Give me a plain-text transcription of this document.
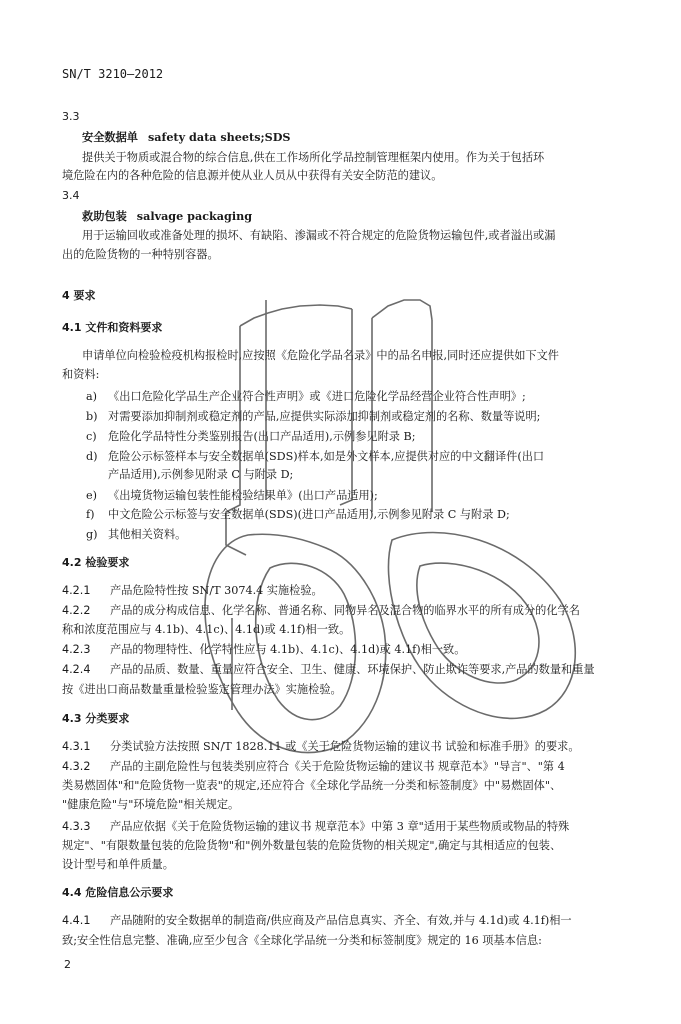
SN/T 3210—2012
3.3
安全数据单 safety data sheets;SDS
提供关于物质或混合物的综合信息,供在工作场所化学品控制管理框架内使用。作为关于包括环
境危险在内的各种危险的信息源并使从业人员从中获得有关安全防范的建议。
3.4
救助包装 salvage packaging
用于运输回收或准备处理的损坏、有缺陷、渗漏或不符合规定的危险货物运输包件,或者溢出或漏
出的危险货物的一种特别容器。
4 要求
4.1 文件和资料要求
申请单位向检验检疫机构报检时,应按照《危险化学品名录》中的品名申报,同时还应提供如下文件
和资料:
a) 《出口危险化学品生产企业符合性声明》或《进口危险化学品经营企业符合性声明》;
b) 对需要添加抑制剂或稳定剂的产品,应提供实际添加抑制剂或稳定剂的名称、数量等说明;
c) 危险化学品特性分类鉴别报告(出口产品适用),示例参见附录 B;
d) 危险公示标签样本与安全数据单(SDS)样本,如是外文样本,应提供对应的中文翻译件(出口
产品适用),示例参见附录 C 与附录 D;
e) 《出境货物运输包装性能检验结果单》(出口产品适用);
f) 中文危险公示标签与安全数据单(SDS)(进口产品适用),示例参见附录 C 与附录 D;
g) 其他相关资料。
4.2 检验要求
4.2.1 产品危险特性按 SN/T 3074.4 实施检验。
4.2.2 产品的成分构成信息、化学名称、普通名称、同物异名及混合物的临界水平的所有成分的化学名
称和浓度范围应与 4.1b)、4.1c)、4.1d)或 4.1f)相一致。
4.2.3 产品的物理特性、化学特性应与 4.1b)、4.1c)、4.1d)或 4.1f)相一致。
4.2.4 产品的品质、数量、重量应符合安全、卫生、健康、环境保护、防止欺诈等要求,产品的数量和重量
按《进出口商品数量重量检验鉴定管理办法》实施检验。
4.3 分类要求
4.3.1 分类试验方法按照 SN/T 1828.11 或《关于危险货物运输的建议书 试验和标准手册》的要求。
4.3.2 产品的主副危险性与包装类别应符合《关于危险货物运输的建议书 规章范本》"导言"、"第 4
类易燃固体"和"危险货物一览表"的规定,还应符合《全球化学品统一分类和标签制度》中"易燃固体"、
"健康危险"与"环境危险"相关规定。
4.3.3 产品应依据《关于危险货物运输的建议书 规章范本》中第 3 章"适用于某些物质或物品的特殊
规定"、"有限数量包装的危险货物"和"例外数量包装的危险货物的相关规定",确定与其相适应的包装、
设计型号和单件质量。
4.4 危险信息公示要求
4.4.1 产品随附的安全数据单的制造商/供应商及产品信息真实、齐全、有效,并与 4.1d)或 4.1f)相一
致;安全性信息完整、准确,应至少包含《全球化学品统一分类和标签制度》规定的 16 项基本信息:
2
